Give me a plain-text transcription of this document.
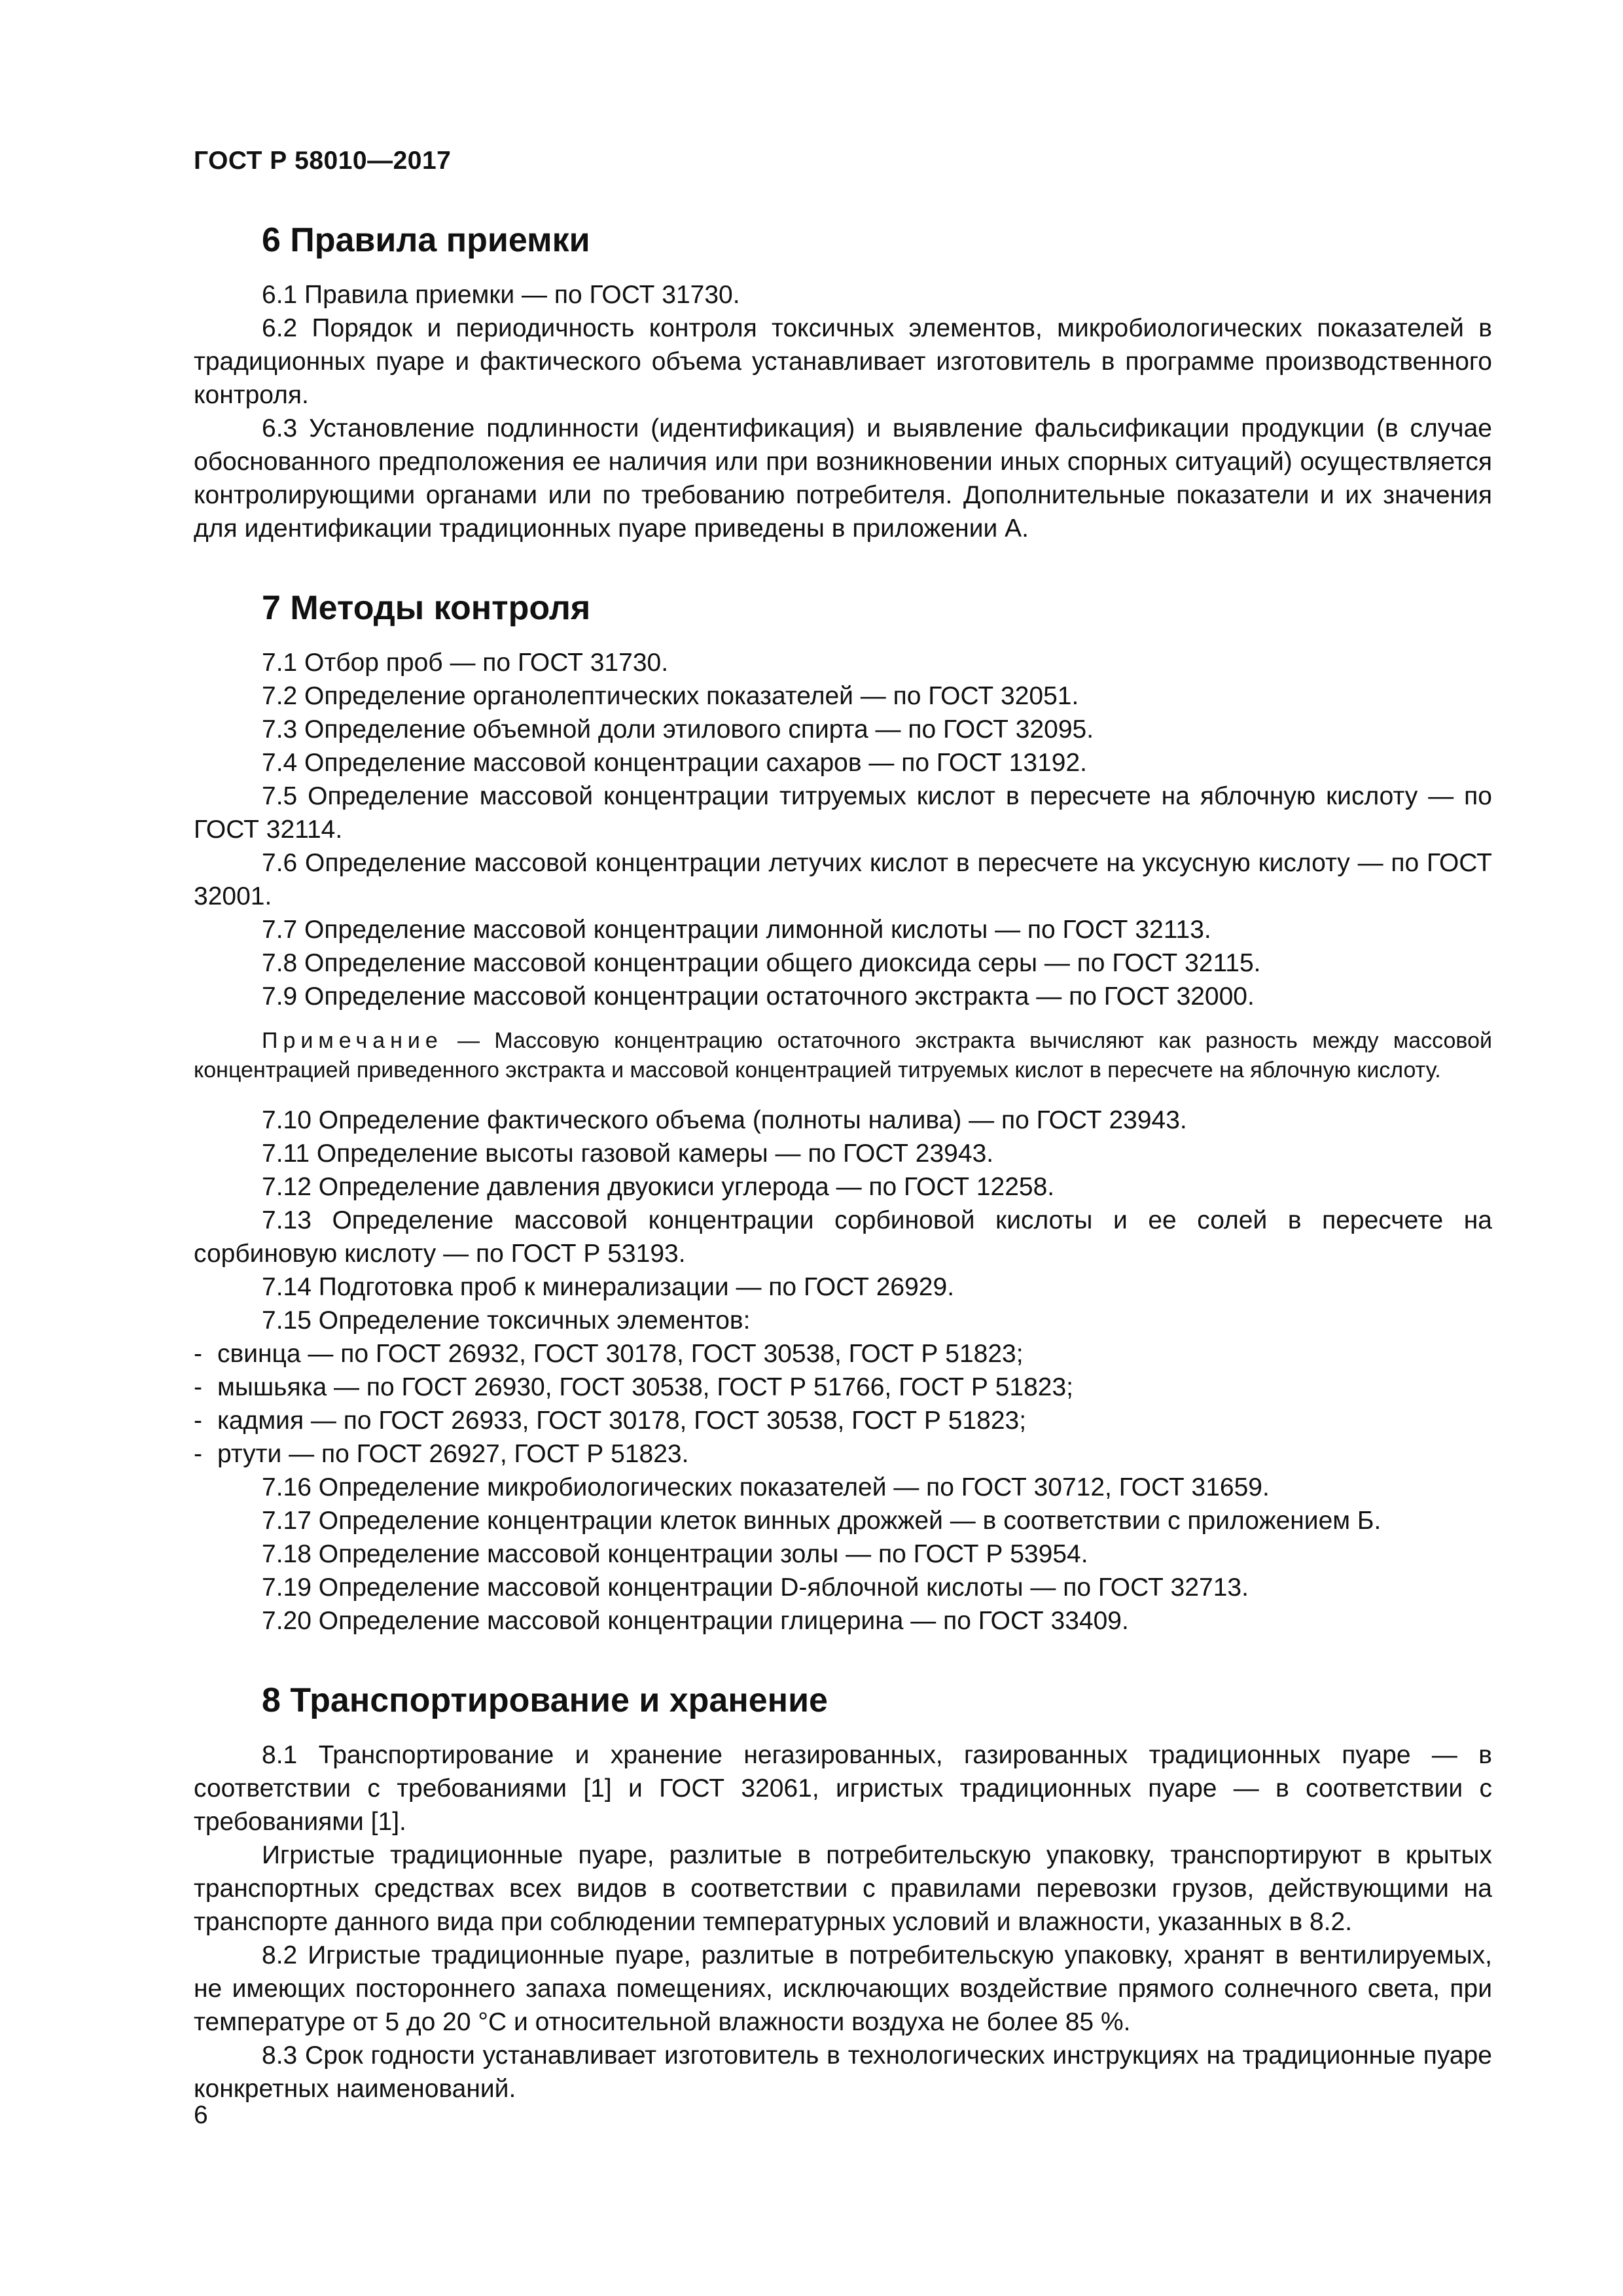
ГОСТ Р 58010—2017
6 Правила приемки

6.1 Правила приемки — по ГОСТ 31730.

6.2 Порядок и периодичность контроля токсичных элементов, микробиологических показателей в традиционных пуаре и фактического объема устанавливает изготовитель в программе производственного контроля.

6.3 Установление подлинности (идентификация) и выявление фальсификации продукции (в случае обоснованного предположения ее наличия или при возникновении иных спорных ситуаций) осуществляется контролирующими органами или по требованию потребителя. Дополнительные показатели и их значения для идентификации традиционных пуаре приведены в приложении А.

7 Методы контроля

7.1 Отбор проб — по ГОСТ 31730.

7.2 Определение органолептических показателей — по ГОСТ 32051.

7.3 Определение объемной доли этилового спирта — по ГОСТ 32095.

7.4 Определение массовой концентрации сахаров — по ГОСТ 13192.

7.5 Определение массовой концентрации титруемых кислот в пересчете на яблочную кислоту — по ГОСТ 32114.

7.6 Определение массовой концентрации летучих кислот в пересчете на уксусную кислоту — по ГОСТ 32001.

7.7 Определение массовой концентрации лимонной кислоты — по ГОСТ 32113.

7.8 Определение массовой концентрации общего диоксида серы — по ГОСТ 32115.

7.9 Определение массовой концентрации остаточного экстракта — по ГОСТ 32000.

Примечание — Массовую концентрацию остаточного экстракта вычисляют как разность между массовой концентрацией приведенного экстракта и массовой концентрацией титруемых кислот в пересчете на яблочную кислоту.

7.10 Определение фактического объема (полноты налива) — по ГОСТ 23943.

7.11 Определение высоты газовой камеры — по ГОСТ 23943.

7.12 Определение давления двуокиси углерода — по ГОСТ 12258.

7.13 Определение массовой концентрации сорбиновой кислоты и ее солей в пересчете на сорбиновую кислоту — по ГОСТ Р 53193.

7.14 Подготовка проб к минерализации — по ГОСТ 26929.

7.15 Определение токсичных элементов:

- свинца — по ГОСТ 26932, ГОСТ 30178, ГОСТ 30538, ГОСТ Р 51823;

- мышьяка — по ГОСТ 26930, ГОСТ 30538, ГОСТ Р 51766, ГОСТ Р 51823;

- кадмия — по ГОСТ 26933, ГОСТ 30178, ГОСТ 30538, ГОСТ Р 51823;

- ртути — по ГОСТ 26927, ГОСТ Р 51823.

7.16 Определение микробиологических показателей — по ГОСТ 30712, ГОСТ 31659.

7.17 Определение концентрации клеток винных дрожжей — в соответствии с приложением Б.

7.18 Определение массовой концентрации золы — по ГОСТ Р 53954.

7.19 Определение массовой концентрации D-яблочной кислоты — по ГОСТ 32713.

7.20 Определение массовой концентрации глицерина — по ГОСТ 33409.

8 Транспортирование и хранение

8.1 Транспортирование и хранение негазированных, газированных традиционных пуаре — в соответствии с требованиями [1] и ГОСТ 32061, игристых традиционных пуаре — в соответствии с требованиями [1].

Игристые традиционные пуаре, разлитые в потребительскую упаковку, транспортируют в крытых транспортных средствах всех видов в соответствии с правилами перевозки грузов, действующими на транспорте данного вида при соблюдении температурных условий и влажности, указанных в 8.2.

8.2 Игристые традиционные пуаре, разлитые в потребительскую упаковку, хранят в вентилируемых, не имеющих постороннего запаха помещениях, исключающих воздействие прямого солнечного света, при температуре от 5 до 20 °С и относительной влажности воздуха не более 85 %.

8.3 Срок годности устанавливает изготовитель в технологических инструкциях на традиционные пуаре конкретных наименований.

6
